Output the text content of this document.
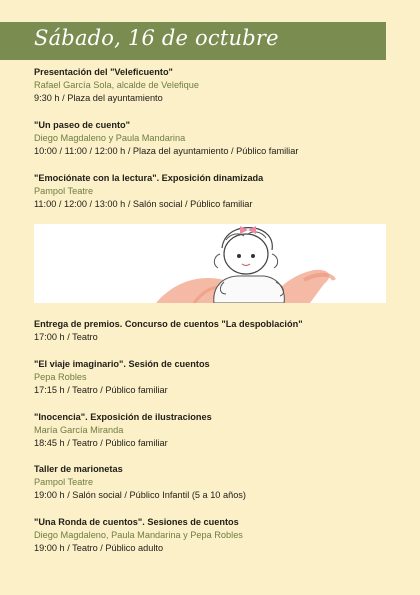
Sábado, 16 de octubre
Presentación del "Veleficuento"
Rafael García Sola, alcalde de Velefique
9:30 h / Plaza del ayuntamiento
"Un paseo de cuento"
Diego Magdaleno y Paula Mandarina
10:00 / 11:00 / 12:00 h / Plaza del ayuntamiento / Público familiar
"Emociónate con la lectura". Exposición dinamizada
Pampol Teatre
11:00 / 12:00 / 13:00 h / Salón social / Público familiar
Entrega de premios. Concurso de cuentos "La despoblación"
17:00 h / Teatro
"El viaje imaginario". Sesión de cuentos
Pepa Robles
17:15 h / Teatro / Público familiar
"Inocencia". Exposición de ilustraciones
María García Miranda
18:45 h / Teatro / Público familiar
Taller de marionetas
Pampol Teatre
19:00 h / Salón social / Público Infantil (5 a 10 años)
"Una Ronda de cuentos". Sesiones de cuentos
Diego Magdaleno, Paula Mandarina y Pepa Robles
19:00 h / Teatro / Público adulto
